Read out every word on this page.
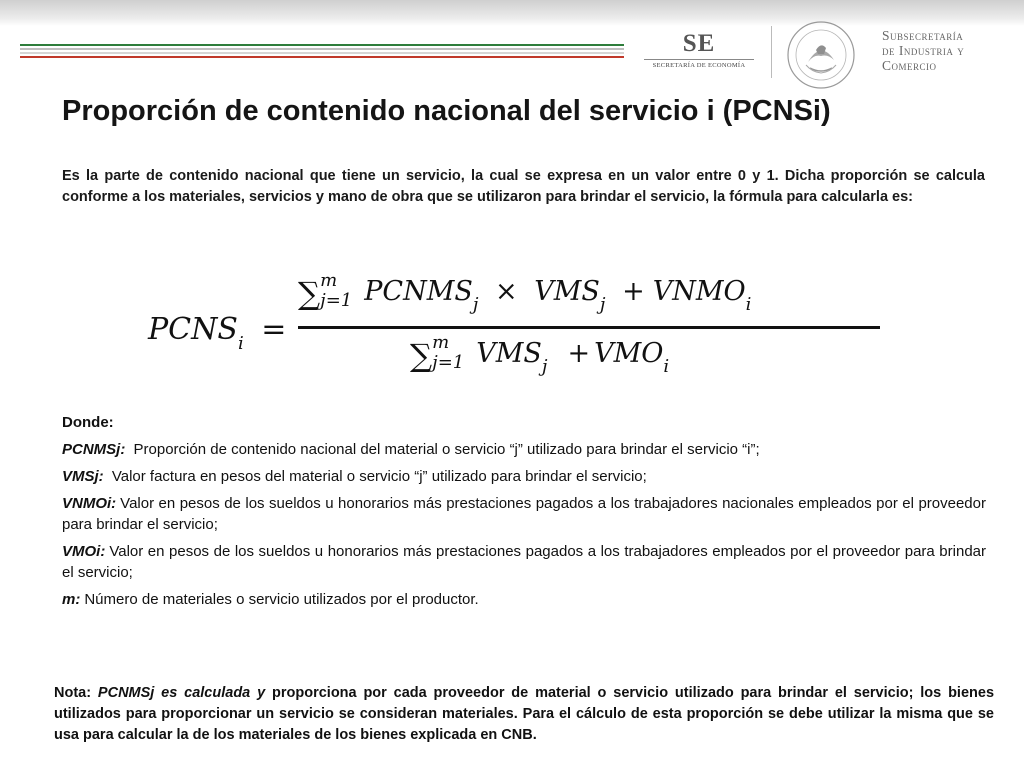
SE
SECRETARÍA DE ECONOMÍA
Subsecretaría
de Industria y
Comercio
Proporción de contenido nacional del servicio i (PCNSi)

Es la parte de contenido nacional que tiene un servicio, la cual se expresa en un valor entre 0 y 1. Dicha proporción se calcula conforme a los materiales, servicios y mano de obra que se utilizaron para brindar el servicio, la fórmula para calcularla es:

$PCNS_i$ =
∑ m
j=1 $PCNMS_j \times VMS_j$ + $VNMO_i$
∑ m
j=1 $VMS_j + VMO_i$

Donde:

PCNMSj: Proporción de contenido nacional del material o servicio “j” utilizado para brindar el servicio “i”;

VMSj: Valor factura en pesos del material o servicio “j” utilizado para brindar el servicio;

VNMOi: Valor en pesos de los sueldos u honorarios más prestaciones pagados a los trabajadores nacionales empleados por el proveedor para brindar el servicio;

VMOi: Valor en pesos de los sueldos u honorarios más prestaciones pagados a los trabajadores empleados por el proveedor para brindar el servicio;

m: Número de materiales o servicio utilizados por el productor.

Nota: PCNMSj es calculada y proporciona por cada proveedor de material o servicio utilizado para brindar el servicio; los bienes utilizados para proporcionar un servicio se consideran materiales. Para el cálculo de esta proporción se debe utilizar la misma que se usa para calcular la de los materiales de los bienes explicada en CNB.
